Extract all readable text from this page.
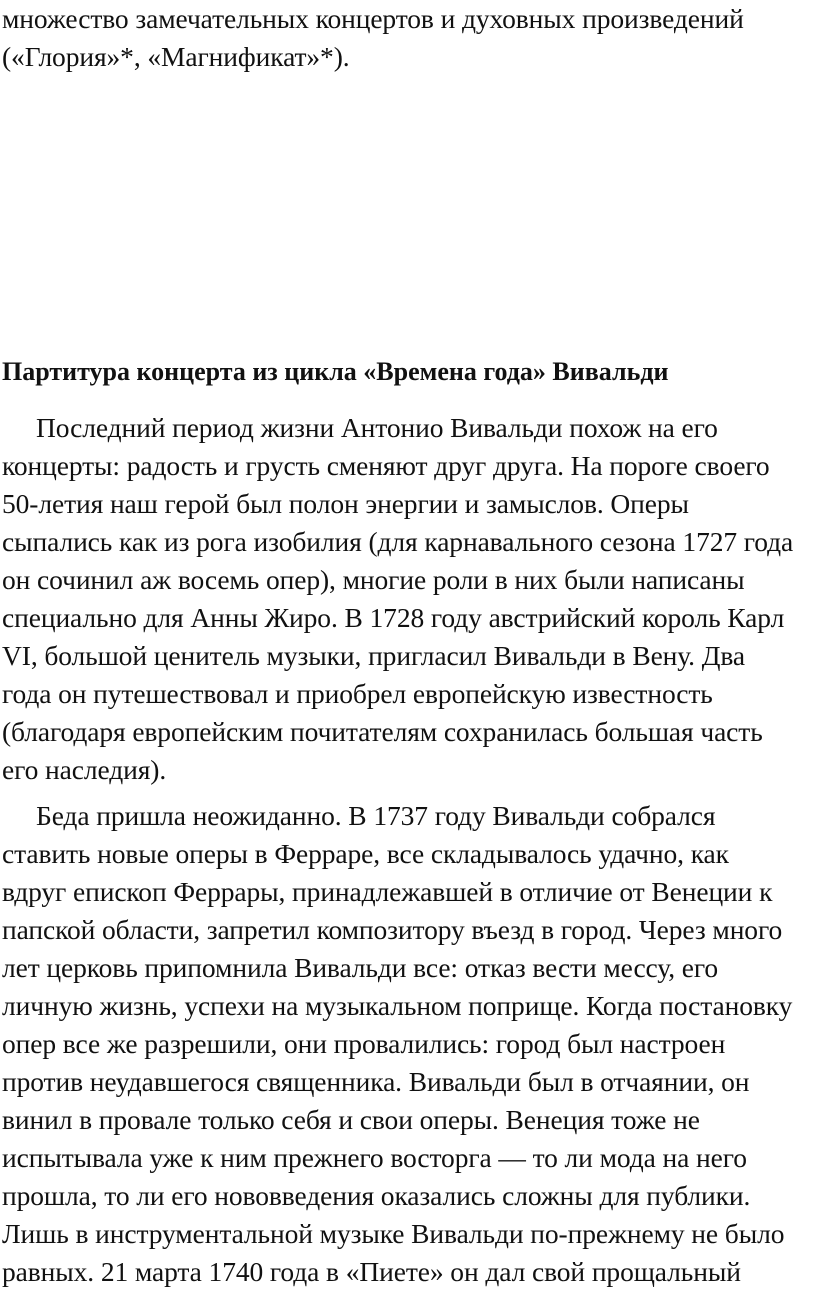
множество замечательных концертов и духовных произведений
(«Глория»*, «Магнификат»*).
Партитура концерта из цикла «Времена года» Вивальди
Последний период жизни Антонио Вивальди похож на его
концерты: радость и грусть сменяют друг друга. На пороге своего
50-летия наш герой был полон энергии и замыслов. Оперы
сыпались как из рога изобилия (для карнавального сезона 1727 года
он сочинил аж восемь опер), многие роли в них были написаны
специально для Анны Жиро. В 1728 году австрийский король Карл
VI, большой ценитель музыки, пригласил Вивальди в Вену. Два
года он путешествовал и приобрел европейскую известность
(благодаря европейским почитателям сохранилась большая часть
его наследия).
Беда пришла неожиданно. В 1737 году Вивальди собрался
ставить новые оперы в Ферраре, все складывалось удачно, как
вдруг епископ Феррары, принадлежавшей в отличие от Венеции к
папской области, запретил композитору въезд в город. Через много
лет церковь припомнила Вивальди все: отказ вести мессу, его
личную жизнь, успехи на музыкальном поприще. Когда постановку
опер все же разрешили, они провалились: город был настроен
против неудавшегося священника. Вивальди был в отчаянии, он
винил в провале только себя и свои оперы. Венеция тоже не
испытывала уже к ним прежнего восторга — то ли мода на него
прошла, то ли его нововведения оказались сложны для публики.
Лишь в инструментальной музыке Вивальди по-прежнему не было
равных. 21 марта 1740 года в «Пиете» он дал свой прощальный
